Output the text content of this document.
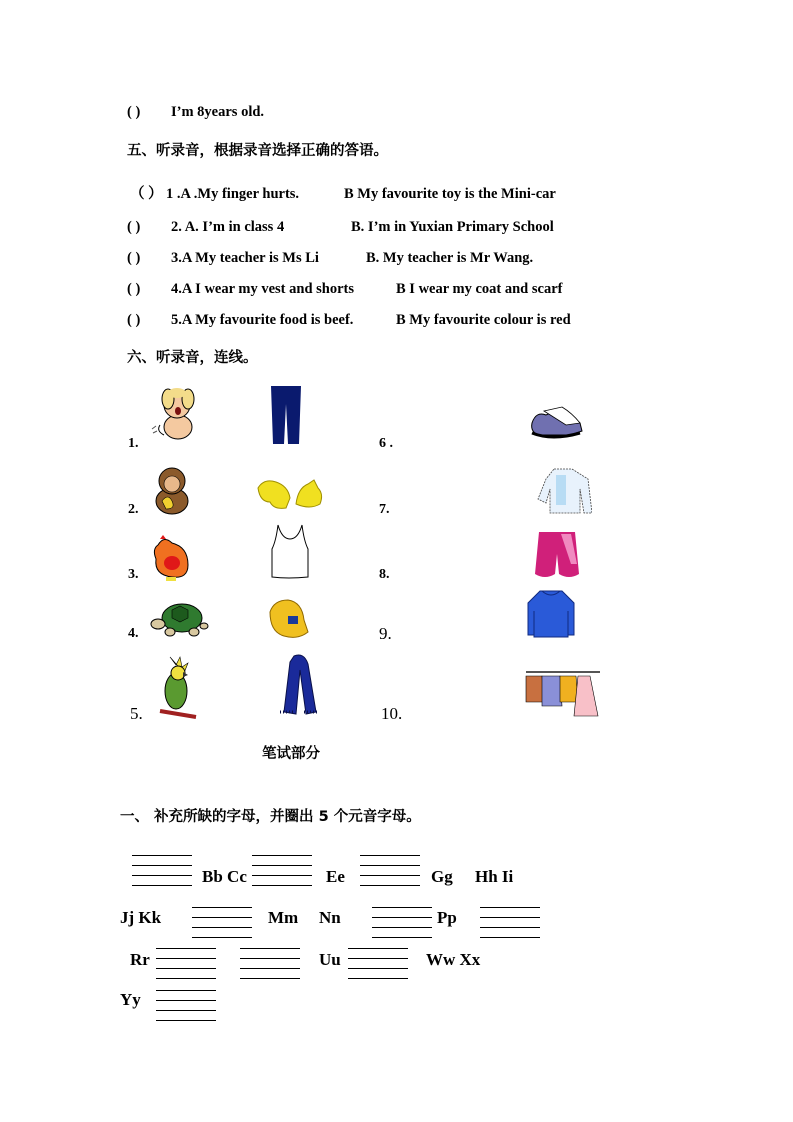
( ) I’m 8years old.
五、听录音，根据录音选择正确的答语。
（ ） 1 .A .My finger hurts.	B My favourite toy is the Mini-car
( ) 2. A. I’m in class 4	B. I’m in Yuxian Primary School
( ) 3.A My teacher is Ms Li	B. My teacher is Mr Wang.
( ) 4.A I wear my vest and shorts	B I wear my coat and scarf
( ) 5.A My favourite food is beef.	B My favourite colour is red
六、听录音，连线。
1.
2.
3.
4.
5.
6 .
7.
8.
9.
10.
笔试部分
一、 补充所缺的字母，并圈出 5 个元音字母。
Bb Cc	Ee	Gg Hh Ii
Jj Kk	Mm Nn	Pp
Rr	Uu	Ww Xx
Yy
